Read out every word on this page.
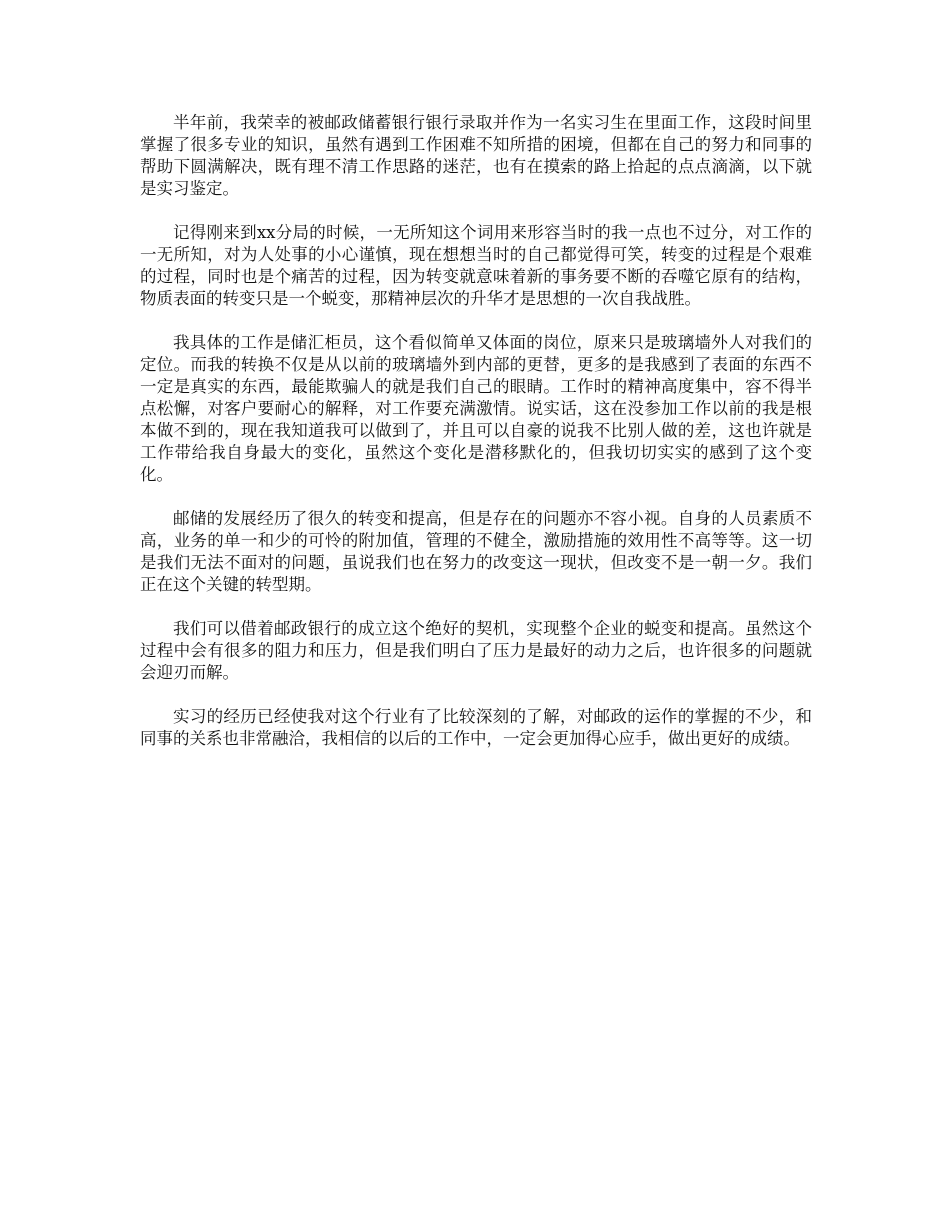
半年前，我荣幸的被邮政储蓄银行银行录取并作为一名实习生在里面工作，这段时间里掌握了很多专业的知识，虽然有遇到工作困难不知所措的困境，但都在自己的努力和同事的帮助下圆满解决，既有理不清工作思路的迷茫，也有在摸索的路上拾起的点点滴滴，以下就是实习鉴定。

记得刚来到xx分局的时候，一无所知这个词用来形容当时的我一点也不过分，对工作的一无所知，对为人处事的小心谨慎，现在想想当时的自己都觉得可笑，转变的过程是个艰难的过程，同时也是个痛苦的过程，因为转变就意味着新的事务要不断的吞噬它原有的结构，物质表面的转变只是一个蜕变，那精神层次的升华才是思想的一次自我战胜。

我具体的工作是储汇柜员，这个看似简单又体面的岗位，原来只是玻璃墙外人对我们的定位。而我的转换不仅是从以前的玻璃墙外到内部的更替，更多的是我感到了表面的东西不一定是真实的东西，最能欺骗人的就是我们自己的眼睛。工作时的精神高度集中，容不得半点松懈，对客户要耐心的解释，对工作要充满激情。说实话，这在没参加工作以前的我是根本做不到的，现在我知道我可以做到了，并且可以自豪的说我不比别人做的差，这也许就是工作带给我自身最大的变化，虽然这个变化是潜移默化的，但我切切实实的感到了这个变化。

邮储的发展经历了很久的转变和提高，但是存在的问题亦不容小视。自身的人员素质不高，业务的单一和少的可怜的附加值，管理的不健全，激励措施的效用性不高等等。这一切是我们无法不面对的问题，虽说我们也在努力的改变这一现状，但改变不是一朝一夕。我们正在这个关键的转型期。

我们可以借着邮政银行的成立这个绝好的契机，实现整个企业的蜕变和提高。虽然这个过程中会有很多的阻力和压力，但是我们明白了压力是最好的动力之后，也许很多的问题就会迎刃而解。

实习的经历已经使我对这个行业有了比较深刻的了解，对邮政的运作的掌握的不少，和同事的关系也非常融洽，我相信的以后的工作中，一定会更加得心应手，做出更好的成绩。
